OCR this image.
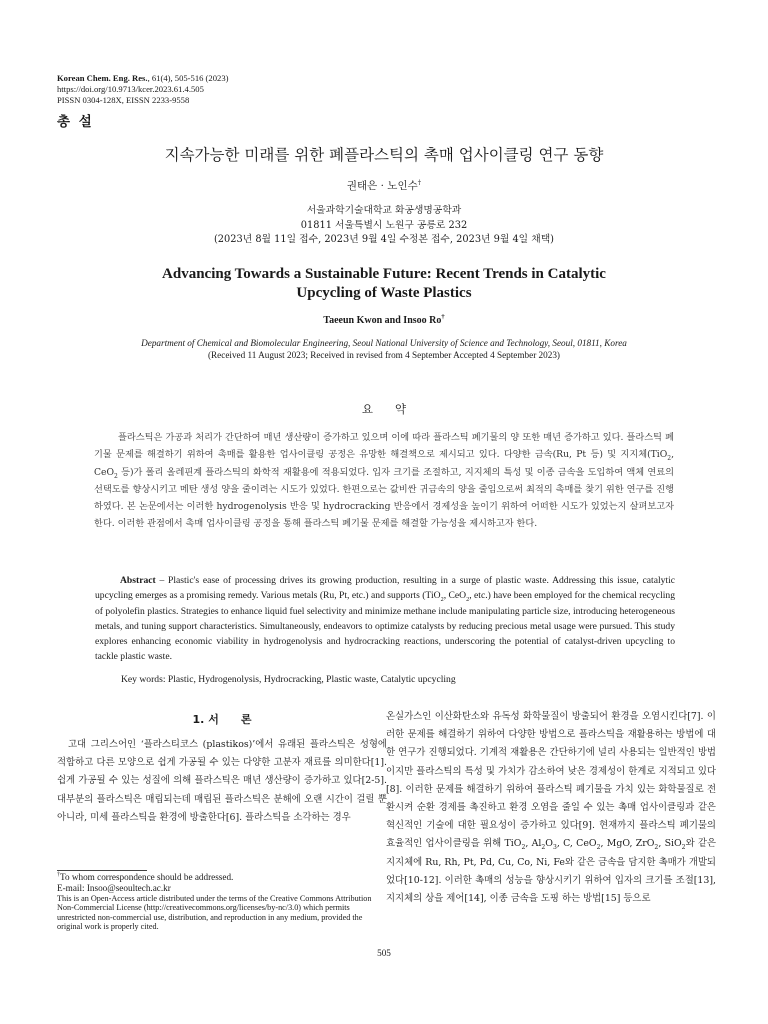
Korean Chem. Eng. Res., 61(4), 505-516 (2023)
https://doi.org/10.9713/kcer.2023.61.4.505
PISSN 0304-128X, EISSN 2233-9558
총 설
지속가능한 미래를 위한 폐플라스틱의 촉매 업사이클링 연구 동향
권태은 · 노인수†
서울과학기술대학교 화공생명공학과
01811 서울특별시 노원구 공릉로 232
(2023년 8월 11일 접수, 2023년 9월 4일 수정본 접수, 2023년 9월 4일 채택)
Advancing Towards a Sustainable Future: Recent Trends in Catalytic
Upcycling of Waste Plastics
Taeeun Kwon and Insoo Ro†
Department of Chemical and Biomolecular Engineering, Seoul National University of Science and Technology, Seoul, 01811, Korea
(Received 11 August 2023; Received in revised from 4 September Accepted 4 September 2023)
요약

플라스틱은 가공과 처리가 간단하여 매년 생산량이 증가하고 있으며 이에 따라 플라스틱 폐기물의 양 또한 매년 증가하고 있다. 플라스틱 폐기물 문제를 해결하기 위하여 촉매를 활용한 업사이클링 공정은 유망한 해결책으로 제시되고 있다. 다양한 금속(Ru, Pt 등) 및 지지체(TiO$_2$, CeO$_2$ 등)가 폴리 올레핀계 플라스틱의 화학적 재활용에 적용되었다. 입자 크기를 조절하고, 지지체의 특성 및 이종 금속을 도입하여 액체 연료의 선택도를 향상시키고 메탄 생성 양을 줄이려는 시도가 있었다. 한편으로는 값비싼 귀금속의 양을 줄임으로써 최적의 촉매를 찾기 위한 연구를 진행하였다. 본 논문에서는 이러한 hydrogenolysis 반응 및 hydrocracking 반응에서 경제성을 높이기 위하여 어떠한 시도가 있었는지 살펴보고자 한다. 이러한 관점에서 촉매 업사이클링 공정을 통해 플라스틱 폐기물 문제를 해결할 가능성을 제시하고자 한다.

Abstract – Plastic's ease of processing drives its growing production, resulting in a surge of plastic waste. Addressing this issue, catalytic upcycling emerges as a promising remedy. Various metals (Ru, Pt, etc.) and supports (TiO$_2$, CeO$_2$, etc.) have been employed for the chemical recycling of polyolefin plastics. Strategies to enhance liquid fuel selectivity and minimize methane include manipulating particle size, introducing heterogeneous metals, and tuning support characteristics. Simultaneously, endeavors to optimize catalysts by reducing precious metal usage were pursued. This study explores enhancing economic viability in hydrogenolysis and hydrocracking reactions, underscoring the potential of catalyst-driven upcycling to tackle plastic waste.

Key words: Plastic, Hydrogenolysis, Hydrocracking, Plastic waste, Catalytic upcycling
1. 서 론

고대 그리스어인 ‘플라스티코스 (plastikos)’에서 유래된 플라스틱은 성형에 적합하고 다른 모양으로 쉽게 가공될 수 있는 다양한 고분자 재료를 의미한다[1]. 쉽게 가공될 수 있는 성질에 의해 플라스틱은 매년 생산량이 증가하고 있다[2-5]. 대부분의 플라스틱은 매립되는데 매립된 플라스틱은 분해에 오랜 시간이 걸릴 뿐 아니라, 미세 플라스틱을 환경에 방출한다[6]. 플라스틱을 소각하는 경우

온실가스인 이산화탄소와 유독성 화학물질이 방출되어 환경을 오염시킨다[7]. 이러한 문제를 해결하기 위하여 다양한 방법으로 플라스틱을 재활용하는 방법에 대한 연구가 진행되었다. 기계적 재활용은 간단하기에 널리 사용되는 일반적인 방법이지만 플라스틱의 특성 및 가치가 감소하여 낮은 경제성이 한계로 지적되고 있다[8]. 이러한 문제를 해결하기 위하여 플라스틱 폐기물을 가치 있는 화학물질로 전환시켜 순환 경제를 촉진하고 환경 오염을 줄일 수 있는 촉매 업사이클링과 같은 혁신적인 기술에 대한 필요성이 증가하고 있다[9]. 현재까지 플라스틱 폐기물의 효율적인 업사이클링을 위해 TiO$_2$, $Al_2O_3$, C, CeO$_2$, MgO, ZrO$_2$, SiO$_2$와 같은 지지체에 Ru, Rh, Pt, Pd, Cu, Co, Ni, Fe와 같은 금속을 담지한 촉매가 개발되었다[10-12]. 이러한 촉매의 성능을 향상시키기 위하여 입자의 크기를 조절[13], 지지체의 상을 제어[14], 이종 금속을 도핑 하는 방법[15] 등으로

†To whom correspondence should be addressed.

E-mail: Insoo@seoultech.ac.kr

This is an Open-Access article distributed under the terms of the Creative Commons Attribution Non-Commercial License (http://creativecommons.org/licenses/by-nc/3.0) which permits unrestricted non-commercial use, distribution, and reproduction in any medium, provided the original work is properly cited.

505
